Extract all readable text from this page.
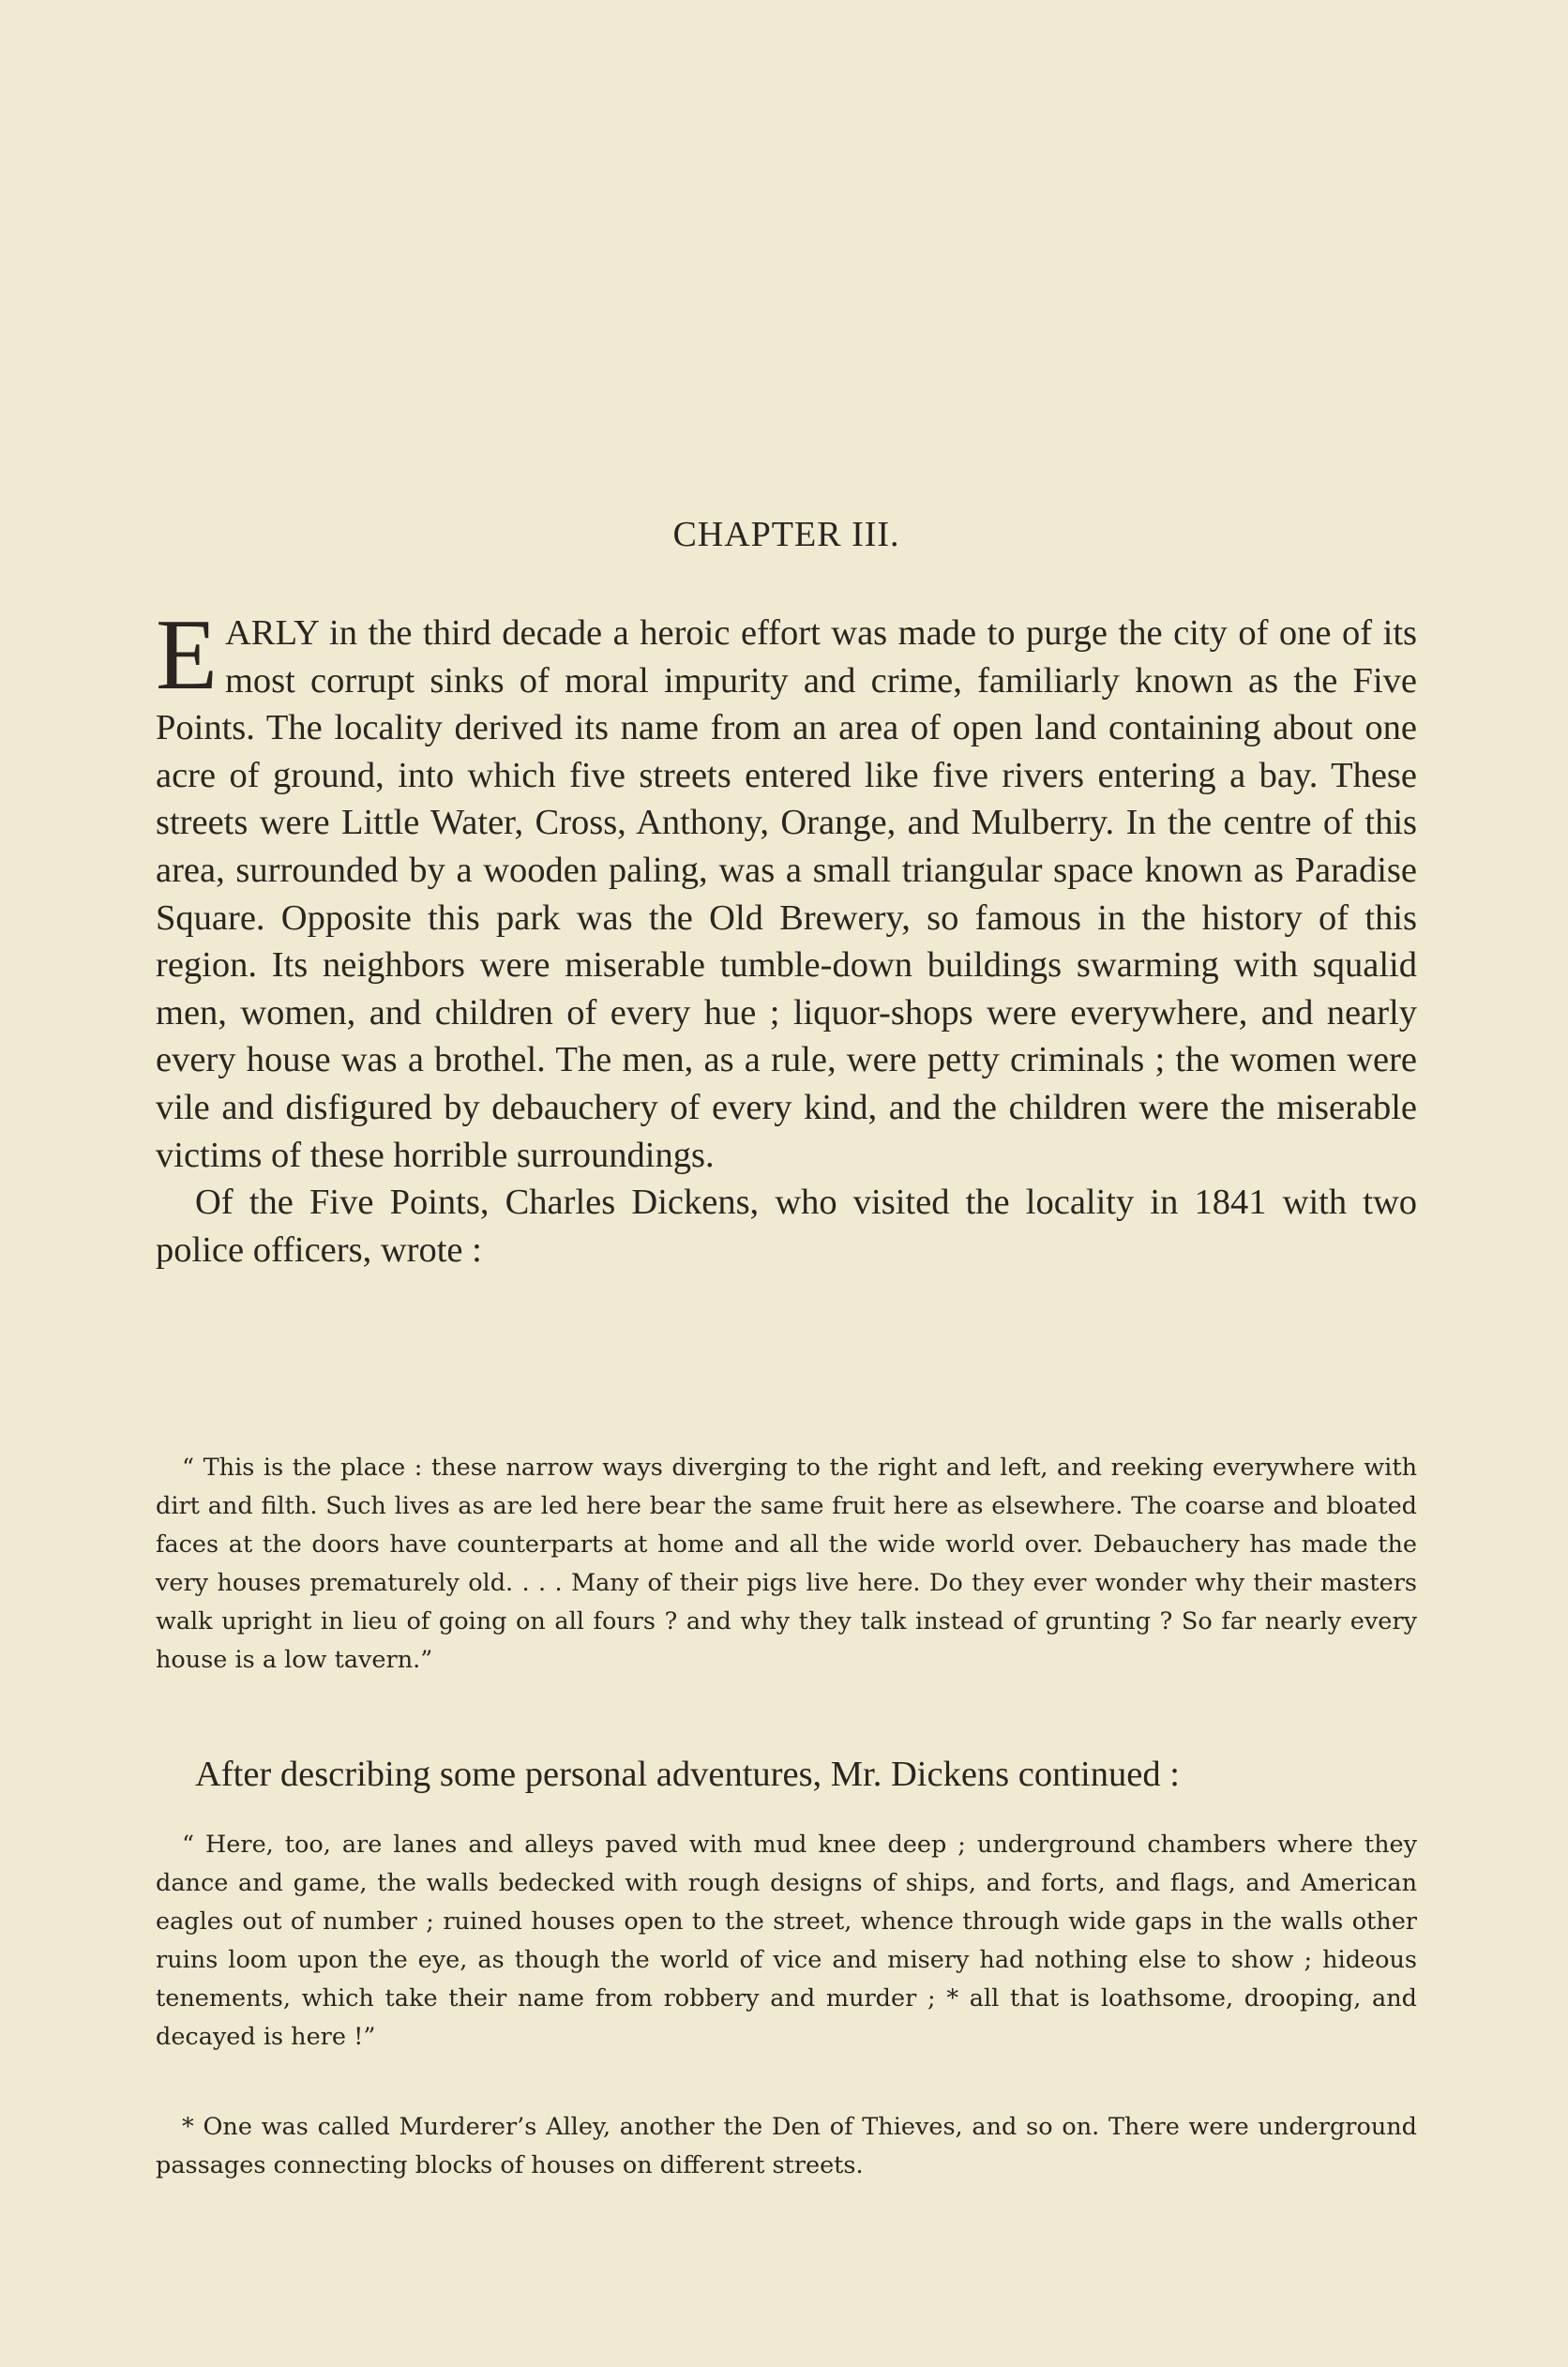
CHAPTER III.

EARLY in the third decade a heroic effort was made to purge the city of one of its most corrupt sinks of moral impurity and crime, familiarly known as the Five Points. The locality derived its name from an area of open land containing about one acre of ground, into which five streets entered like five rivers entering a bay. These streets were Little Water, Cross, Anthony, Orange, and Mulberry. In the centre of this area, surrounded by a wooden paling, was a small triangular space known as Paradise Square. Opposite this park was the Old Brewery, so famous in the history of this region. Its neighbors were miserable tumble-down buildings swarming with squalid men, women, and children of every hue ; liquor-shops were everywhere, and nearly every house was a brothel. The men, as a rule, were petty criminals ; the women were vile and disfigured by debauchery of every kind, and the children were the miserable victims of these horrible surroundings.

Of the Five Points, Charles Dickens, who visited the locality in 1841 with two police officers, wrote :

“ This is the place : these narrow ways diverging to the right and left, and reeking everywhere with dirt and filth. Such lives as are led here bear the same fruit here as elsewhere. The coarse and bloated faces at the doors have counterparts at home and all the wide world over. Debauchery has made the very houses prematurely old. . . . Many of their pigs live here. Do they ever wonder why their masters walk upright in lieu of going on all fours ? and why they talk instead of grunting ? So far nearly every house is a low tavern.”
After describing some personal adventures, Mr. Dickens continued :
“ Here, too, are lanes and alleys paved with mud knee deep ; underground chambers where they dance and game, the walls bedecked with rough designs of ships, and forts, and flags, and American eagles out of number ; ruined houses open to the street, whence through wide gaps in the walls other ruins loom upon the eye, as though the world of vice and misery had nothing else to show ; hideous tenements, which take their name from robbery and murder ; * all that is loathsome, drooping, and decayed is here !”
* One was called Murderer’s Alley, another the Den of Thieves, and so on. There were underground passages connecting blocks of houses on different streets.
